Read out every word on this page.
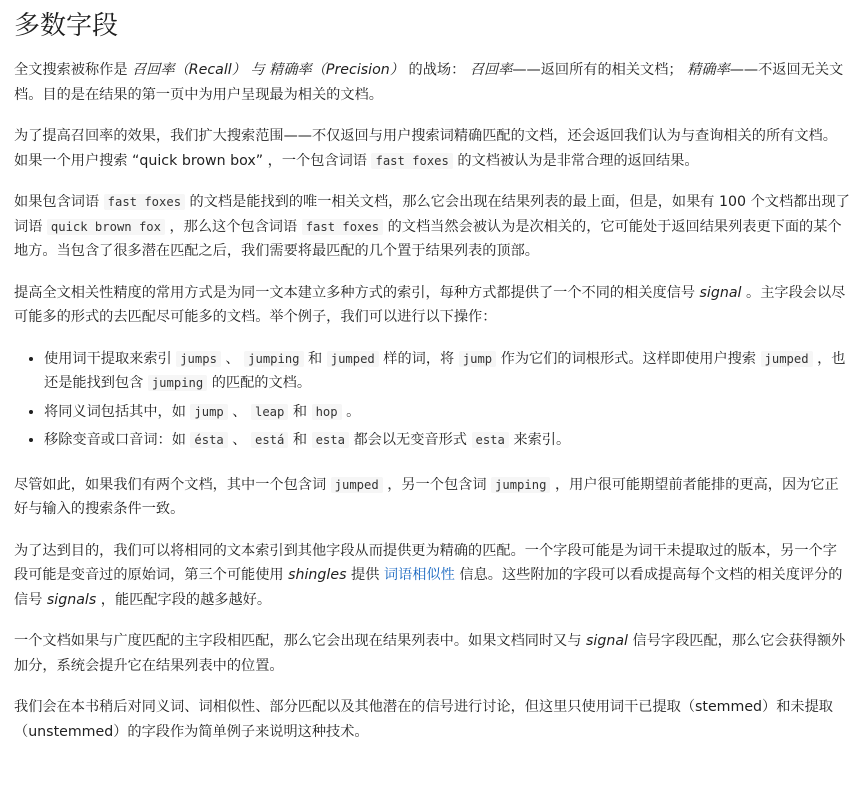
多数字段

全文搜索被称作是 召回率（Recall） 与 精确率（Precision） 的战场： 召回率——返回所有的相关文档； 精确率——不返回无关文档。目的是在结果的第一页中为用户呈现最为相关的文档。

为了提高召回率的效果，我们扩大搜索范围——不仅返回与用户搜索词精确匹配的文档，还会返回我们认为与查询相关的所有文档。如果一个用户搜索 “quick brown box” ，一个包含词语 fast foxes 的文档被认为是非常合理的返回结果。

如果包含词语 fast foxes 的文档是能找到的唯一相关文档，那么它会出现在结果列表的最上面，但是，如果有 100 个文档都出现了词语 quick brown fox ，那么这个包含词语 fast foxes 的文档当然会被认为是次相关的，它可能处于返回结果列表更下面的某个地方。当包含了很多潜在匹配之后，我们需要将最匹配的几个置于结果列表的顶部。

提高全文相关性精度的常用方式是为同一文本建立多种方式的索引，每种方式都提供了一个不同的相关度信号 signal 。主字段会以尽可能多的形式的去匹配尽可能多的文档。举个例子，我们可以进行以下操作：

• 使用词干提取来索引 jumps 、 jumping 和 jumped 样的词，将 jump 作为它们的词根形式。这样即使用户搜索 jumped ，也还是能找到包含 jumping 的匹配的文档。
• 将同义词包括其中，如 jump 、 leap 和 hop 。
• 移除变音或口音词：如 ésta 、 está 和 esta 都会以无变音形式 esta 来索引。

尽管如此，如果我们有两个文档，其中一个包含词 jumped ，另一个包含词 jumping ，用户很可能期望前者能排的更高，因为它正好与输入的搜索条件一致。

为了达到目的，我们可以将相同的文本索引到其他字段从而提供更为精确的匹配。一个字段可能是为词干未提取过的版本，另一个字段可能是变音过的原始词，第三个可能使用 shingles 提供 词语相似性 信息。这些附加的字段可以看成提高每个文档的相关度评分的信号 signals ，能匹配字段的越多越好。

一个文档如果与广度匹配的主字段相匹配，那么它会出现在结果列表中。如果文档同时又与 signal 信号字段匹配，那么它会获得额外加分，系统会提升它在结果列表中的位置。

我们会在本书稍后对同义词、词相似性、部分匹配以及其他潜在的信号进行讨论，但这里只使用词干已提取（stemmed）和未提取（unstemmed）的字段作为简单例子来说明这种技术。
